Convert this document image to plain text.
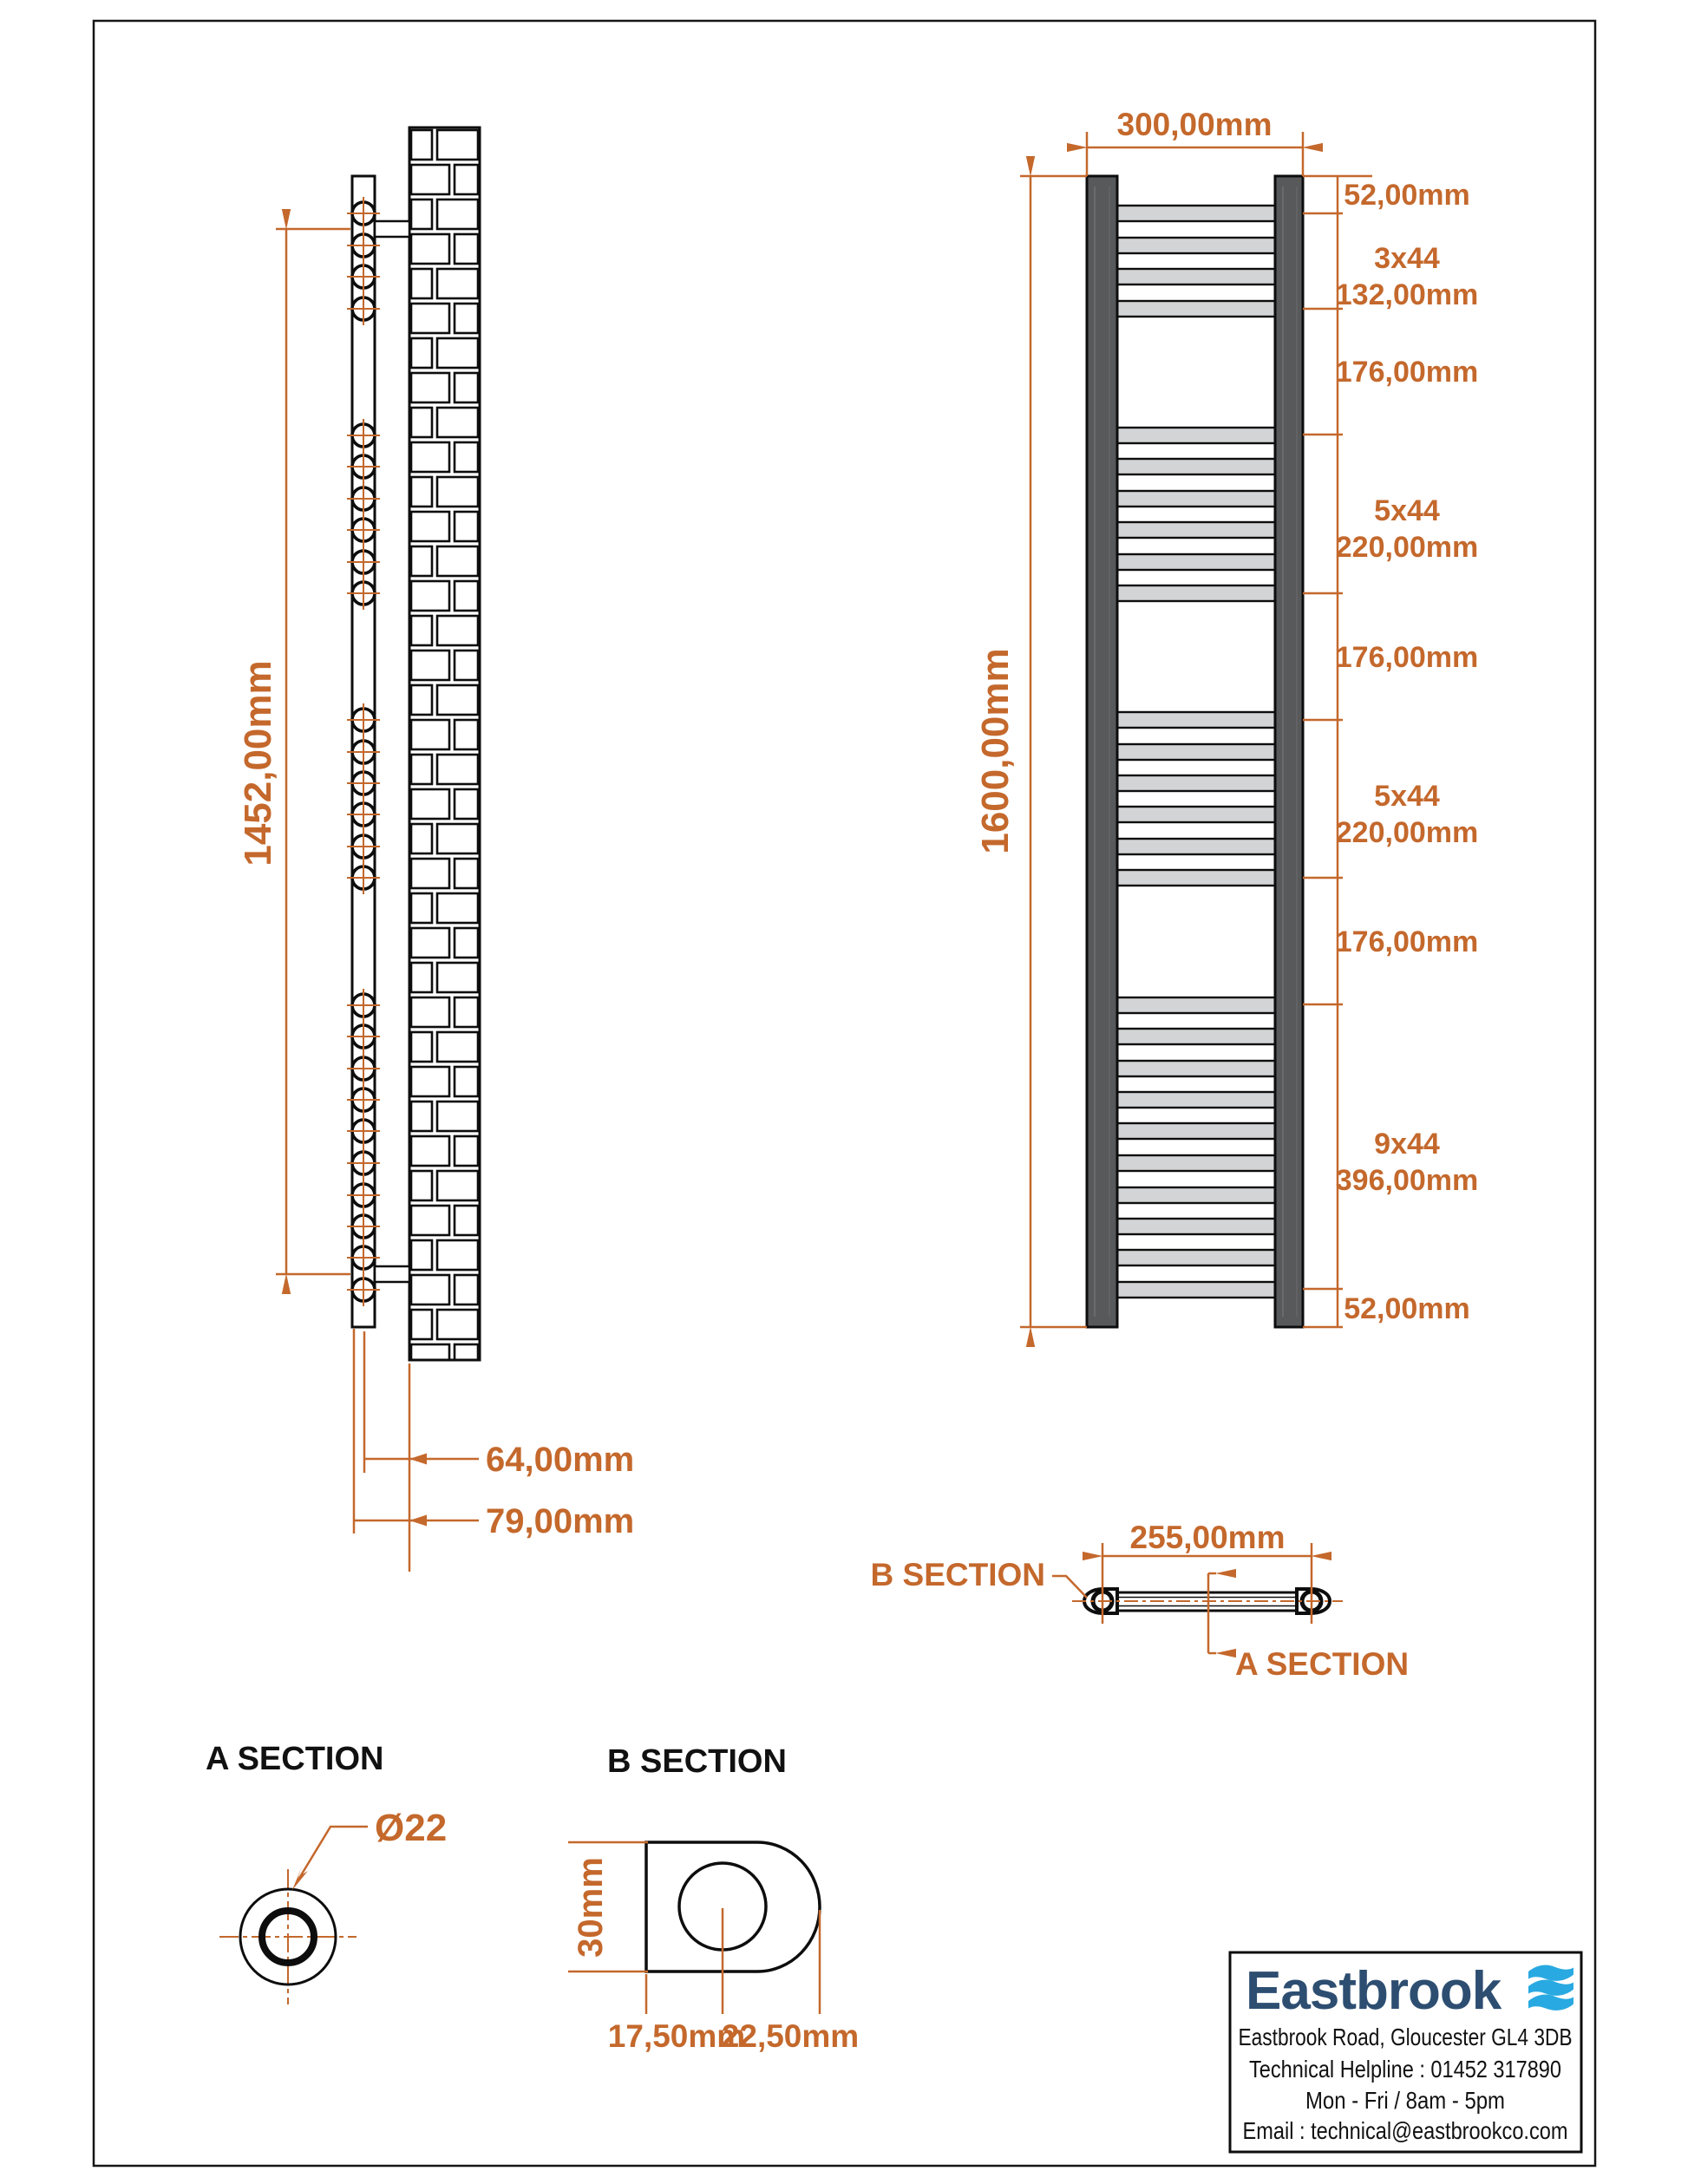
1452,00mm
64,00mm
79,00mm
300,00mm
1600,00mm
52,00mm
3x44
132,00mm
176,00mm
5x44
220,00mm
176,00mm
5x44
220,00mm
176,00mm
9x44
396,00mm
52,00mm
255,00mm
B SECTION
A SECTION
A SECTION
Ø22
B SECTION
30mm
17,50mm
22,50mm
Eastbrook
Eastbrook Road, Gloucester GL4 3DB
Technical Helpline : 01452 317890
Mon - Fri / 8am - 5pm
Email : technical@eastbrookco.com
